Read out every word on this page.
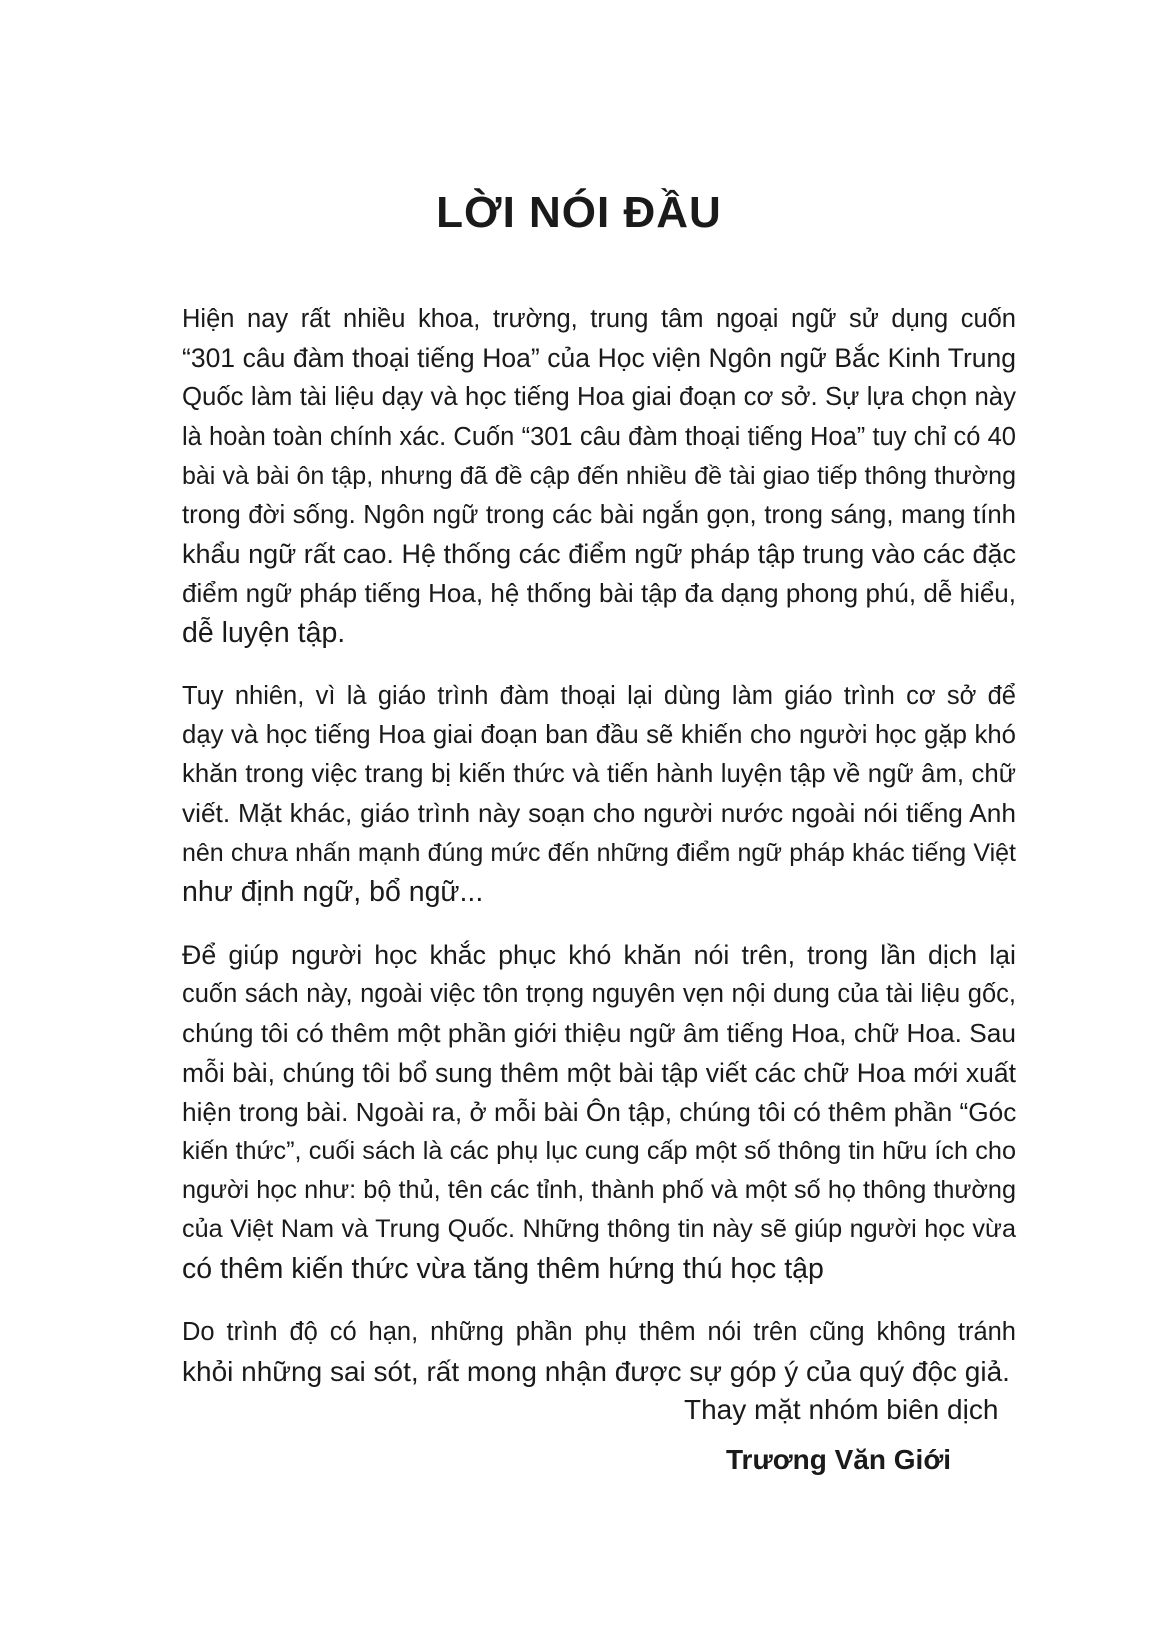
LỜI NÓI ĐẦU

Hiện nay rất nhiều khoa, trường, trung tâm ngoại ngữ sử dụng cuốn
“301 câu đàm thoại tiếng Hoa” của Học viện Ngôn ngữ Bắc Kinh Trung
Quốc làm tài liệu dạy và học tiếng Hoa giai đoạn cơ sở. Sự lựa chọn này
là hoàn toàn chính xác. Cuốn “301 câu đàm thoại tiếng Hoa” tuy chỉ có 40
bài và bài ôn tập, nhưng đã đề cập đến nhiều đề tài giao tiếp thông thường
trong đời sống. Ngôn ngữ trong các bài ngắn gọn, trong sáng, mang tính
khẩu ngữ rất cao. Hệ thống các điểm ngữ pháp tập trung vào các đặc
điểm ngữ pháp tiếng Hoa, hệ thống bài tập đa dạng phong phú, dễ hiểu,
dễ luyện tập.

Tuy nhiên, vì là giáo trình đàm thoại lại dùng làm giáo trình cơ sở để
dạy và học tiếng Hoa giai đoạn ban đầu sẽ khiến cho người học gặp khó
khăn trong việc trang bị kiến thức và tiến hành luyện tập về ngữ âm, chữ
viết. Mặt khác, giáo trình này soạn cho người nước ngoài nói tiếng Anh
nên chưa nhấn mạnh đúng mức đến những điểm ngữ pháp khác tiếng Việt
như định ngữ, bổ ngữ...

Để giúp người học khắc phục khó khăn nói trên, trong lần dịch lại
cuốn sách này, ngoài việc tôn trọng nguyên vẹn nội dung của tài liệu gốc,
chúng tôi có thêm một phần giới thiệu ngữ âm tiếng Hoa, chữ Hoa. Sau
mỗi bài, chúng tôi bổ sung thêm một bài tập viết các chữ Hoa mới xuất
hiện trong bài. Ngoài ra, ở mỗi bài Ôn tập, chúng tôi có thêm phần “Góc
kiến thức”, cuối sách là các phụ lục cung cấp một số thông tin hữu ích cho
người học như: bộ thủ, tên các tỉnh, thành phố và một số họ thông thường
của Việt Nam và Trung Quốc. Những thông tin này sẽ giúp người học vừa
có thêm kiến thức vừa tăng thêm hứng thú học tập

Do trình độ có hạn, những phần phụ thêm nói trên cũng không tránh
khỏi những sai sót, rất mong nhận được sự góp ý của quý độc giả.

Thay mặt nhóm biên dịch

Trương Văn Giới
